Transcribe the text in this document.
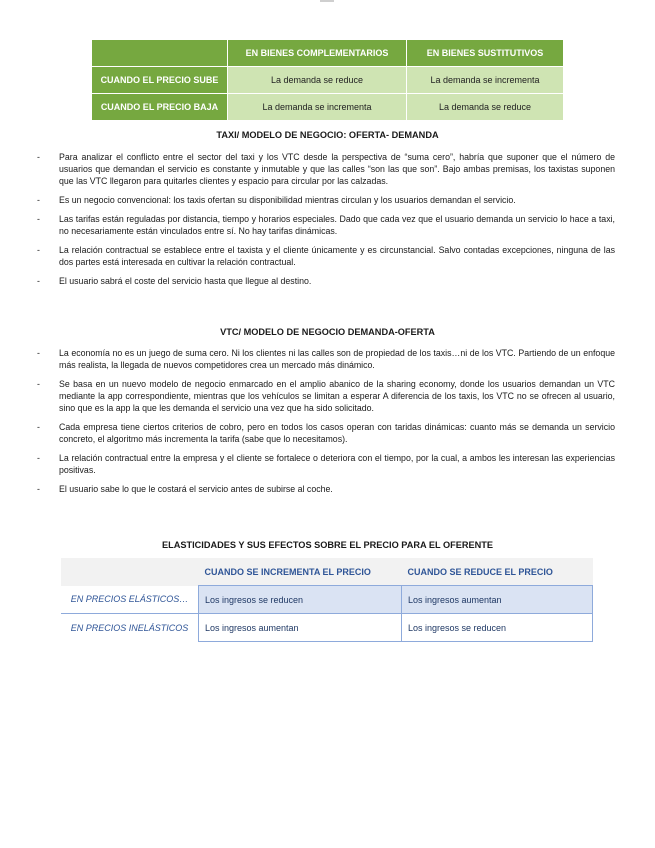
	EN BIENES COMPLEMENTARIOS	EN BIENES SUSTITUTIVOS
CUANDO EL PRECIO SUBE	La demanda se reduce	La demanda se incrementa
CUANDO EL PRECIO BAJA	La demanda se incrementa	La demanda se reduce
TAXI/ MODELO DE NEGOCIO: OFERTA- DEMANDA
- Para analizar el conflicto entre el sector del taxi y los VTC desde la perspectiva de “suma cero”, habría que suponer que el número de usuarios que demandan el servicio es constante y inmutable y que las calles “son las que son”. Bajo ambas premisas, los taxistas suponen que las VTC llegaron para quitarles clientes y espacio para circular por las calzadas.
- Es un negocio convencional: los taxis ofertan su disponibilidad mientras circulan y los usuarios demandan el servicio.
- Las tarifas están reguladas por distancia, tiempo y horarios especiales. Dado que cada vez que el usuario demanda un servicio lo hace a taxi, no necesariamente están vinculados entre sí. No hay tarifas dinámicas.
- La relación contractual se establece entre el taxista y el cliente únicamente y es circunstancial. Salvo contadas excepciones, ninguna de las dos partes está interesada en cultivar la relación contractual.
- El usuario sabrá el coste del servicio hasta que llegue al destino.
VTC/ MODELO DE NEGOCIO DEMANDA-OFERTA
- La economía no es un juego de suma cero. Ni los clientes ni las calles son de propiedad de los taxis…ni de los VTC. Partiendo de un enfoque más realista, la llegada de nuevos competidores crea un mercado más dinámico.
- Se basa en un nuevo modelo de negocio enmarcado en el amplio abanico de la sharing economy, donde los usuarios demandan un VTC mediante la app correspondiente, mientras que los vehículos se limitan a esperar A diferencia de los taxis, los VTC no se ofrecen al usuario, sino que es la app la que les demanda el servicio una vez que ha sido solicitado.
- Cada empresa tiene ciertos criterios de cobro, pero en todos los casos operan con taridas dinámicas: cuanto más se demanda un servicio concreto, el algoritmo más incrementa la tarifa (sabe que lo necesitamos).
- La relación contractual entre la empresa y el cliente se fortalece o deteriora con el tiempo, por la cual, a ambos les interesan las experiencias positivas.
- El usuario sabe lo que le costará el servicio antes de subirse al coche.
ELASTICIDADES Y SUS EFECTOS SOBRE EL PRECIO PARA EL OFERENTE
	CUANDO SE INCREMENTA EL PRECIO	CUANDO SE REDUCE EL PRECIO
EN PRECIOS ELÁSTICOS…	Los ingresos se reducen	Los ingresos aumentan
EN PRECIOS INELÁSTICOS	Los ingresos aumentan	Los ingresos se reducen
